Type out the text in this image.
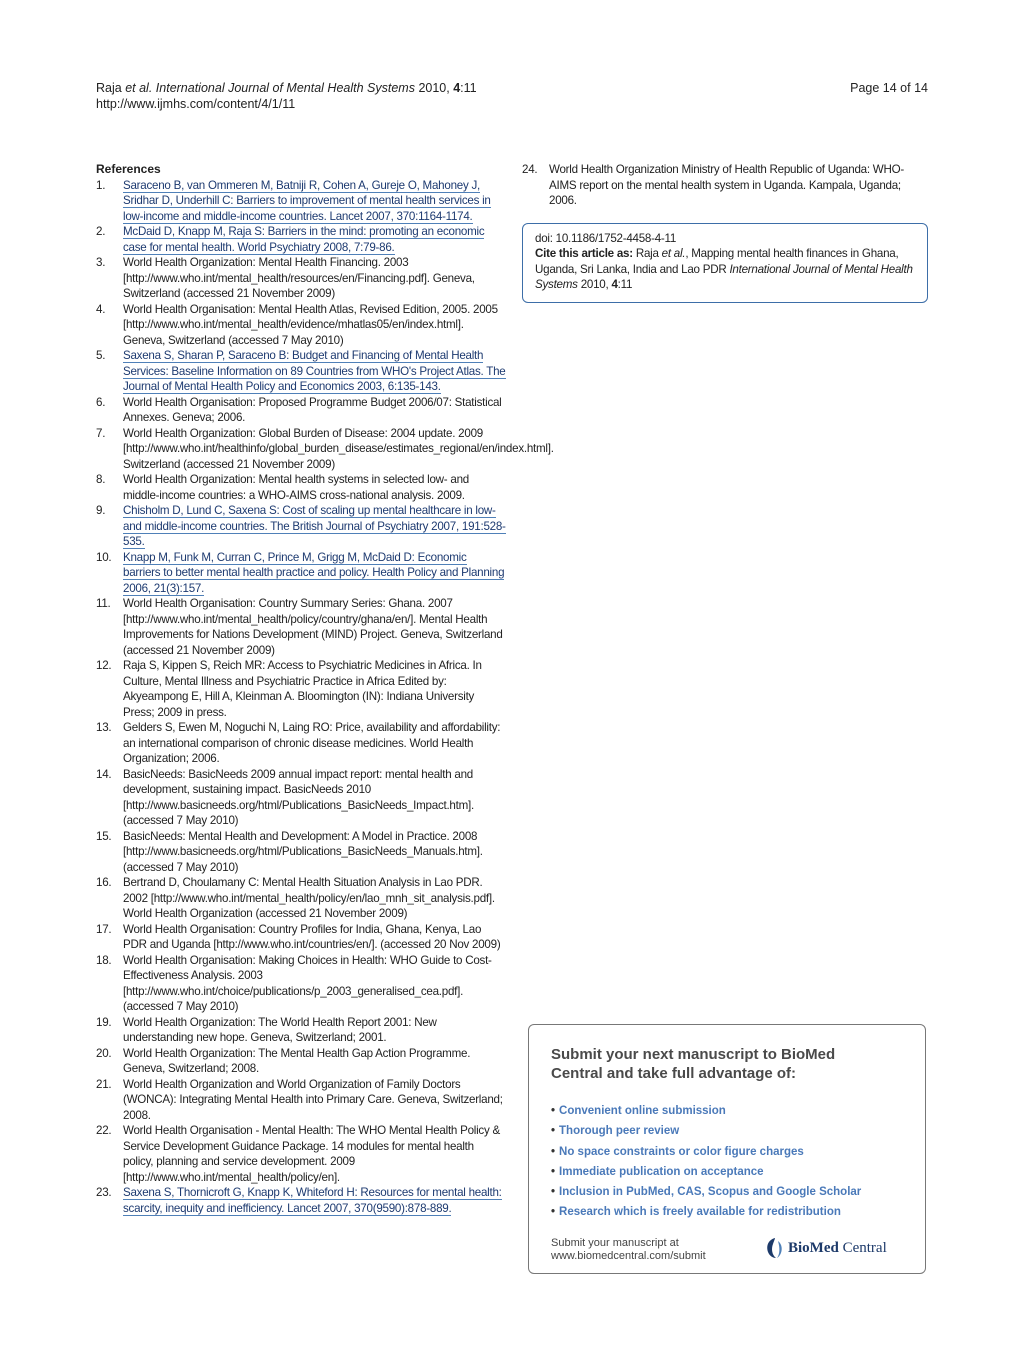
Raja et al. International Journal of Mental Health Systems 2010, 4:11
http://www.ijmhs.com/content/4/1/11
Page 14 of 14

References

1. Saraceno B, van Ommeren M, Batniji R, Cohen A, Gureje O, Mahoney J, Sridhar D, Underhill C: Barriers to improvement of mental health services in low-income and middle-income countries. Lancet 2007, 370:1164-1174.
2. McDaid D, Knapp M, Raja S: Barriers in the mind: promoting an economic case for mental health. World Psychiatry 2008, 7:79-86.
3. World Health Organization: Mental Health Financing. 2003 [http://www.who.int/mental_health/resources/en/Financing.pdf]. Geneva, Switzerland (accessed 21 November 2009)
4. World Health Organisation: Mental Health Atlas, Revised Edition, 2005. 2005 [http://www.who.int/mental_health/evidence/mhatlas05/en/index.html]. Geneva, Switzerland (accessed 7 May 2010)
5. Saxena S, Sharan P, Saraceno B: Budget and Financing of Mental Health Services: Baseline Information on 89 Countries from WHO's Project Atlas. The Journal of Mental Health Policy and Economics 2003, 6:135-143.
6. World Health Organisation: Proposed Programme Budget 2006/07: Statistical Annexes. Geneva; 2006.
7. World Health Organization: Global Burden of Disease: 2004 update. 2009 [http://www.who.int/healthinfo/global_burden_disease/estimates_regional/en/index.html]. Switzerland (accessed 21 November 2009)
8. World Health Organization: Mental health systems in selected low- and middle-income countries: a WHO-AIMS cross-national analysis. 2009.
9. Chisholm D, Lund C, Saxena S: Cost of scaling up mental healthcare in low- and middle-income countries. The British Journal of Psychiatry 2007, 191:528-535.
10. Knapp M, Funk M, Curran C, Prince M, Grigg M, McDaid D: Economic barriers to better mental health practice and policy. Health Policy and Planning 2006, 21(3):157.
11. World Health Organisation: Country Summary Series: Ghana. 2007 [http://www.who.int/mental_health/policy/country/ghana/en/]. Mental Health Improvements for Nations Development (MIND) Project. Geneva, Switzerland (accessed 21 November 2009)
12. Raja S, Kippen S, Reich MR: Access to Psychiatric Medicines in Africa. In Culture, Mental Illness and Psychiatric Practice in Africa Edited by: Akyeampong E, Hill A, Kleinman A. Bloomington (IN): Indiana University Press; 2009 in press.
13. Gelders S, Ewen M, Noguchi N, Laing RO: Price, availability and affordability: an international comparison of chronic disease medicines. World Health Organization; 2006.
14. BasicNeeds: BasicNeeds 2009 annual impact report: mental health and development, sustaining impact. BasicNeeds 2010 [http://www.basicneeds.org/html/Publications_BasicNeeds_Impact.htm]. (accessed 7 May 2010)
15. BasicNeeds: Mental Health and Development: A Model in Practice. 2008 [http://www.basicneeds.org/html/Publications_BasicNeeds_Manuals.htm]. (accessed 7 May 2010)
16. Bertrand D, Choulamany C: Mental Health Situation Analysis in Lao PDR. 2002 [http://www.who.int/mental_health/policy/en/lao_mnh_sit_analysis.pdf]. World Health Organization (accessed 21 November 2009)
17. World Health Organisation: Country Profiles for India, Ghana, Kenya, Lao PDR and Uganda [http://www.who.int/countries/en/]. (accessed 20 Nov 2009)
18. World Health Organisation: Making Choices in Health: WHO Guide to Cost-Effectiveness Analysis. 2003 [http://www.who.int/choice/publications/p_2003_generalised_cea.pdf]. (accessed 7 May 2010)
19. World Health Organization: The World Health Report 2001: New understanding new hope. Geneva, Switzerland; 2001.
20. World Health Organization: The Mental Health Gap Action Programme. Geneva, Switzerland; 2008.
21. World Health Organization and World Organization of Family Doctors (WONCA): Integrating Mental Health into Primary Care. Geneva, Switzerland; 2008.
22. World Health Organisation - Mental Health: The WHO Mental Health Policy & Service Development Guidance Package. 14 modules for mental health policy, planning and service development. 2009 [http://www.who.int/mental_health/policy/en].
23. Saxena S, Thornicroft G, Knapp K, Whiteford H: Resources for mental health: scarcity, inequity and inefficiency. Lancet 2007, 370(9590):878-889.
24. World Health Organization Ministry of Health Republic of Uganda: WHO-AIMS report on the mental health system in Uganda. Kampala, Uganda; 2006.
doi: 10.1186/1752-4458-4-11
Cite this article as: Raja et al., Mapping mental health finances in Ghana, Uganda, Sri Lanka, India and Lao PDR International Journal of Mental Health Systems 2010, 4:11
Submit your next manuscript to BioMed Central and take full advantage of:
• Convenient online submission
• Thorough peer review
• No space constraints or color figure charges
• Immediate publication on acceptance
• Inclusion in PubMed, CAS, Scopus and Google Scholar
• Research which is freely available for redistribution
Submit your manuscript at
www.biomedcentral.com/submit	BioMed Central
